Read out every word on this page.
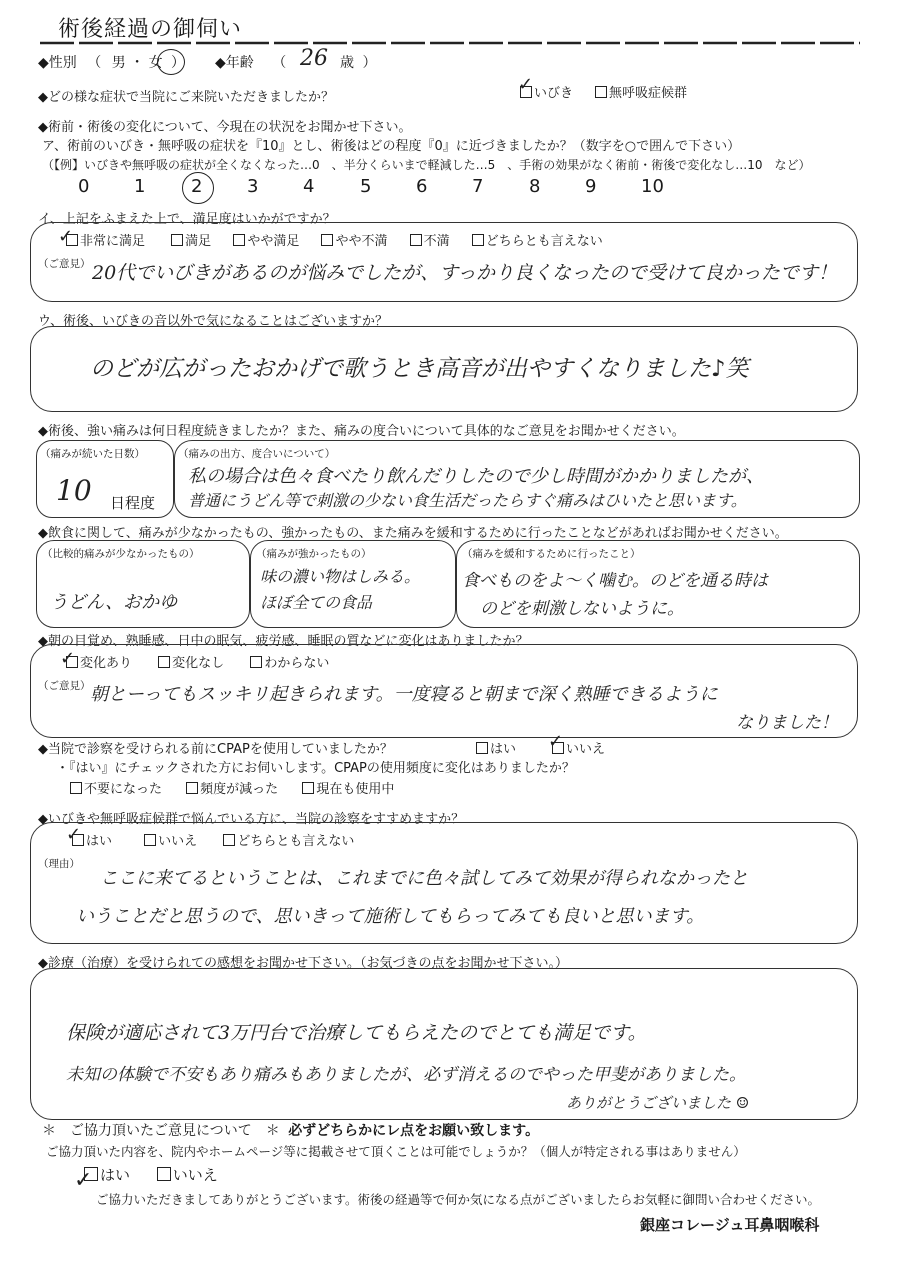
術後経過の御伺い
◆性別 （ 男 ・ 女 ） ◆年齢 （ 26 歳 ）
◆どの様な症状で当院にご来院いただきましたか？	いびき
✓	無呼吸症候群
◆術前・術後の変化について、今現在の状況をお聞かせ下さい。
ア、術前のいびき・無呼吸の症状を『10』とし、術後はどの程度『0』に近づきましたか？（数字を○で囲んで下さい）
（【例】いびきや無呼吸の症状が全くなくなった…0　、半分くらいまで軽減した…5　、手術の効果がなく術前・術後で変化なし…10　など）
0 1	2 3 4	5 6 7	8 9 10
イ、上記をふまえた上で、満足度はいかがですか？
非常に満足	満足	やや満足	やや不満	不満	どちらとも言えない
✓
（ご意見） 20代でいびきがあるのが悩みでしたが、すっかり良くなったので受けて良かったです！
ウ、術後、いびきの音以外で気になることはございますか？
のどが広がったおかげで歌うとき高音が出やすくなりました♪笑
◆術後、強い痛みは何日程度続きましたか？また、痛みの度合いについて具体的なご意見をお聞かせください。
（痛みが続いた日数）
10 日程度
（痛みの出方、度合いについて）
私の場合は色々食べたり飲んだりしたので少し時間がかかりましたが、
普通にうどん等で刺激の少ない食生活だったらすぐ痛みはひいたと思います。
◆飲食に関して、痛みが少なかったもの、強かったもの、また痛みを緩和するために行ったことなどがあればお聞かせください。
（比較的痛みが少なかったもの）
うどん、おかゆ
（痛みが強かったもの）
味の濃い物はしみる。
ほぼ全ての食品
（痛みを緩和するために行ったこと）
食べものをよ～く噛む。のどを通る時は
のどを刺激しないように。
◆朝の目覚め、熟睡感、日中の眠気、疲労感、睡眠の質などに変化はありましたか？
変化あり	変化なし	わからない
✓
（ご意見） 朝とーってもスッキリ起きられます。一度寝ると朝まで深く熟睡できるように
なりました！
◆当院で診察を受けられる前にCPAPを使用していましたか？	はい	いいえ
✓
・『はい』にチェックされた方にお伺いします。CPAPの使用頻度に変化はありましたか？
不要になった	頻度が減った	現在も使用中
◆いびきや無呼吸症候群で悩んでいる方に、当院の診察をすすめますか？
はい	いいえ	どちらとも言えない
✓
（理由）
ここに来てるということは、これまでに色々試してみて効果が得られなかったと
いうことだと思うので、思いきって施術してもらってみても良いと思います。
◆診療（治療）を受けられての感想をお聞かせ下さい。（お気づきの点をお聞かせ下さい。）
保険が適応されて3万円台で治療してもらえたのでとても満足です。
未知の体験で不安もあり痛みもありましたが、必ず消えるのでやった甲斐がありました。
ありがとうございました ☺
＊　ご協力頂いたご意見について　＊ 必ずどちらかにレ点をお願い致します。
ご協力頂いた内容を、院内やホームページ等に掲載させて頂くことは可能でしょうか？（個人が特定される事はありません）
はい	いいえ
✓
ご協力いただきましてありがとうございます。術後の経過等で何か気になる点がございましたらお気軽に御問い合わせください。
銀座コレージュ耳鼻咽喉科
